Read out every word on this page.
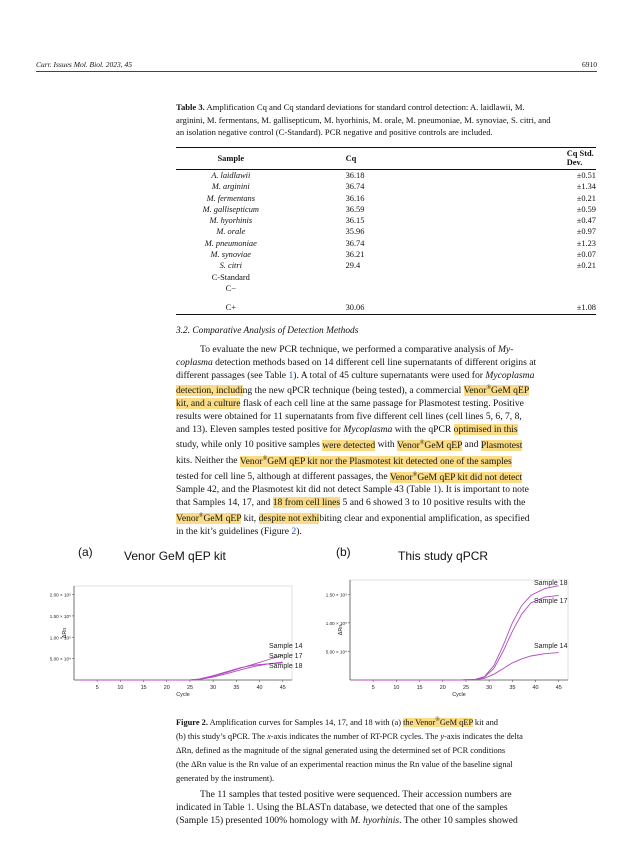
Curr. Issues Mol. Biol. 2023, 45	6910
Table 3. Amplification Cq and Cq standard deviations for standard control detection: A. laidlawii, M.
arginini, M. fermentans, M. gallisepticum, M. hyorhinis, M. orale, M. pneumoniae, M. synoviae, S. citri, and
an isolation negative control (C-Standard). PCR negative and positive controls are included.
Sample	Cq	Cq Std. Dev.
A. laidlawii	36.18	±0.51
M. arginini	36.74	±1.34
M. fermentans	36.16	±0.21
M. gallisepticum	36.59	±0.59
M. hyorhinis	36.15	±0.47
M. orale	35.96	±0.97
M. pneumoniae	36.74	±1.23
M. synoviae	36.21	±0.07
S. citri	29.4	±0.21
C-Standard		
C−		
C+	30.06	±1.08
3.2. Comparative Analysis of Detection Methods
To evaluate the new PCR technique, we performed a comparative analysis of My-
coplasma detection methods based on 14 different cell line supernatants of different origins at
different passages (see Table 1). A total of 45 culture supernatants were used for Mycoplasma
detection, including the new qPCR technique (being tested), a commercial Venor®GeM qEP
kit, and a culture flask of each cell line at the same passage for Plasmotest testing. Positive
results were obtained for 11 supernatants from five different cell lines (cell lines 5, 6, 7, 8,
and 13). Eleven samples tested positive for Mycoplasma with the qPCR optimised in this
study, while only 10 positive samples were detected with Venor®GeM qEP and Plasmotest
kits. Neither the Venor®GeM qEP kit nor the Plasmotest kit detected one of the samples
tested for cell line 5, although at different passages, the Venor®GeM qEP kit did not detect
Sample 42, and the Plasmotest kit did not detect Sample 43 (Table 1). It is important to note
that Samples 14, 17, and 18 from cell lines 5 and 6 showed 3 to 10 positive results with the
Venor®GeM qEP kit, despite not exhibiting clear and exponential amplification, as specified
in the kit’s guidelines (Figure 2).
(a)	Venor GeM qEP kit	(b)	This study qPCR
5.00 × 10⁴
1.00 × 10⁵
1.50 × 10⁵
2.00 × 10⁵
5	10	15	20	25	30	35	40	45
Cycle
ΔRn
Sample 14
Sample 17
Sample 18
5.00 × 10⁴
1.00 × 10⁵
1.50 × 10⁵
5	10	15	20	25	30	35	40	45
Cycle
ΔRn
Sample 18
Sample 17
Sample 14
Figure 2. Amplification curves for Samples 14, 17, and 18 with (a) the Venor®GeM qEP kit and
(b) this study’s qPCR. The x-axis indicates the number of RT-PCR cycles. The y-axis indicates the delta
ΔRn, defined as the magnitude of the signal generated using the determined set of PCR conditions
(the ΔRn value is the Rn value of an experimental reaction minus the Rn value of the baseline signal
generated by the instrument).
The 11 samples that tested positive were sequenced. Their accession numbers are
indicated in Table 1. Using the BLASTn database, we detected that one of the samples
(Sample 15) presented 100% homology with M. hyorhinis. The other 10 samples showed
